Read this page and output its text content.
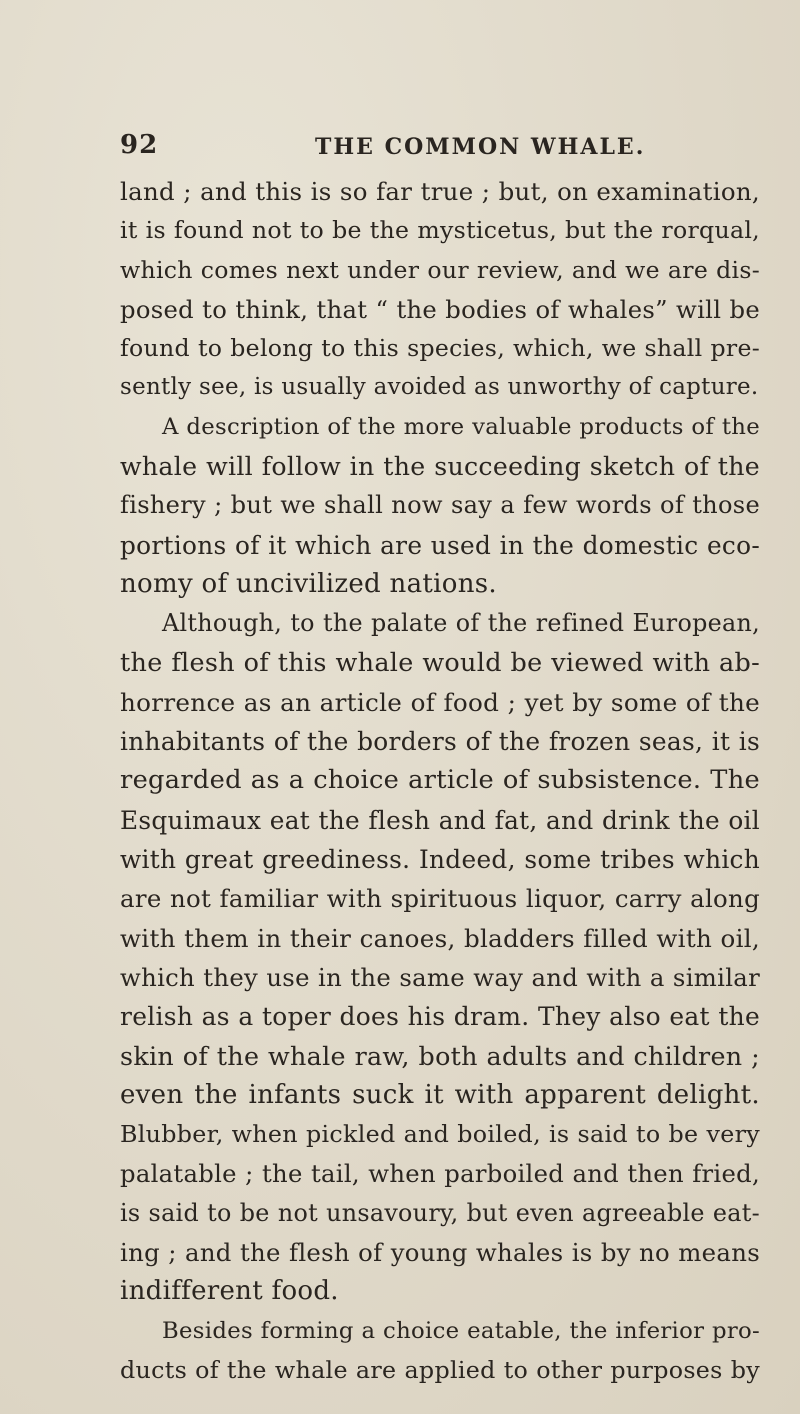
92	THE COMMON WHALE.
land ; and this is so far true ; but, on examination,
it is found not to be the mysticetus, but the rorqual,
which comes next under our review, and we are dis-
posed to think, that “ the bodies of whales” will be
found to belong to this species, which, we shall pre-
sently see, is usually avoided as unworthy of capture.
A description of the more valuable products of the
whale will follow in the succeeding sketch of the
fishery ; but we shall now say a few words of those
portions of it which are used in the domestic eco-
nomy of uncivilized nations.
Although, to the palate of the refined European,
the flesh of this whale would be viewed with ab-
horrence as an article of food ; yet by some of the
inhabitants of the borders of the frozen seas, it is
regarded as a choice article of subsistence. The
Esquimaux eat the flesh and fat, and drink the oil
with great greediness. Indeed, some tribes which
are not familiar with spirituous liquor, carry along
with them in their canoes, bladders filled with oil,
which they use in the same way and with a similar
relish as a toper does his dram. They also eat the
skin of the whale raw, both adults and children ;
even the infants suck it with apparent delight.
Blubber, when pickled and boiled, is said to be very
palatable ; the tail, when parboiled and then fried,
is said to be not unsavoury, but even agreeable eat-
ing ; and the flesh of young whales is by no means
indifferent food.
Besides forming a choice eatable, the inferior pro-
ducts of the whale are applied to other purposes by
